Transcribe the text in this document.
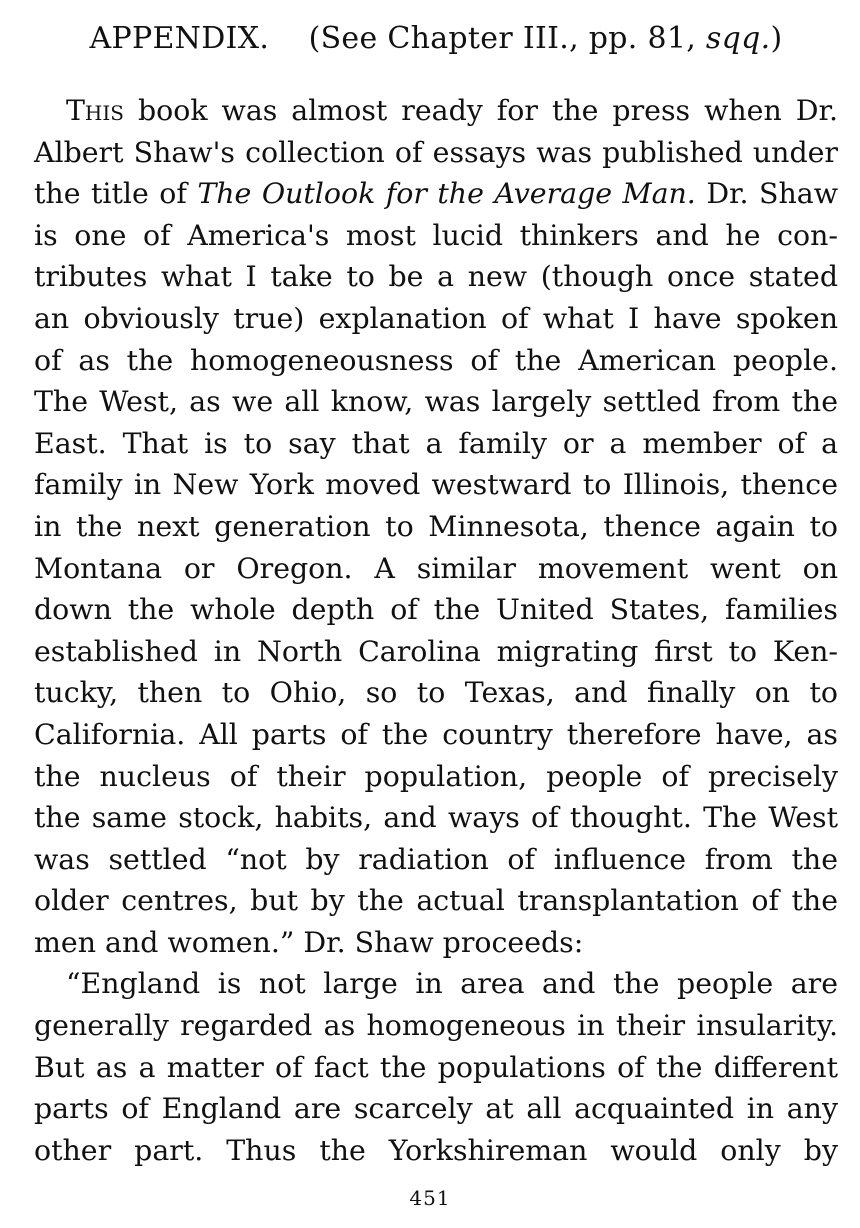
APPENDIX. (See Chapter III., pp. 81, sqq.)

This book was almost ready for the press when Dr.
Albert Shaw's collection of essays was published under
the title of The Outlook for the Average Man. Dr. Shaw
is one of America's most lucid thinkers and he con-
tributes what I take to be a new (though once stated
an obviously true) explanation of what I have spoken
of as the homogeneousness of the American people.
The West, as we all know, was largely settled from the
East. That is to say that a family or a member of a
family in New York moved westward to Illinois, thence
in the next generation to Minnesota, thence again to
Montana or Oregon. A similar movement went on
down the whole depth of the United States, families
established in North Carolina migrating first to Ken-
tucky, then to Ohio, so to Texas, and finally on to
California. All parts of the country therefore have, as
the nucleus of their population, people of precisely
the same stock, habits, and ways of thought. The West
was settled “not by radiation of influence from the
older centres, but by the actual transplantation of the
men and women.” Dr. Shaw proceeds:

“England is not large in area and the people are
generally regarded as homogeneous in their insularity.
But as a matter of fact the populations of the different
parts of England are scarcely at all acquainted in any
other part. Thus the Yorkshireman would only by

451
